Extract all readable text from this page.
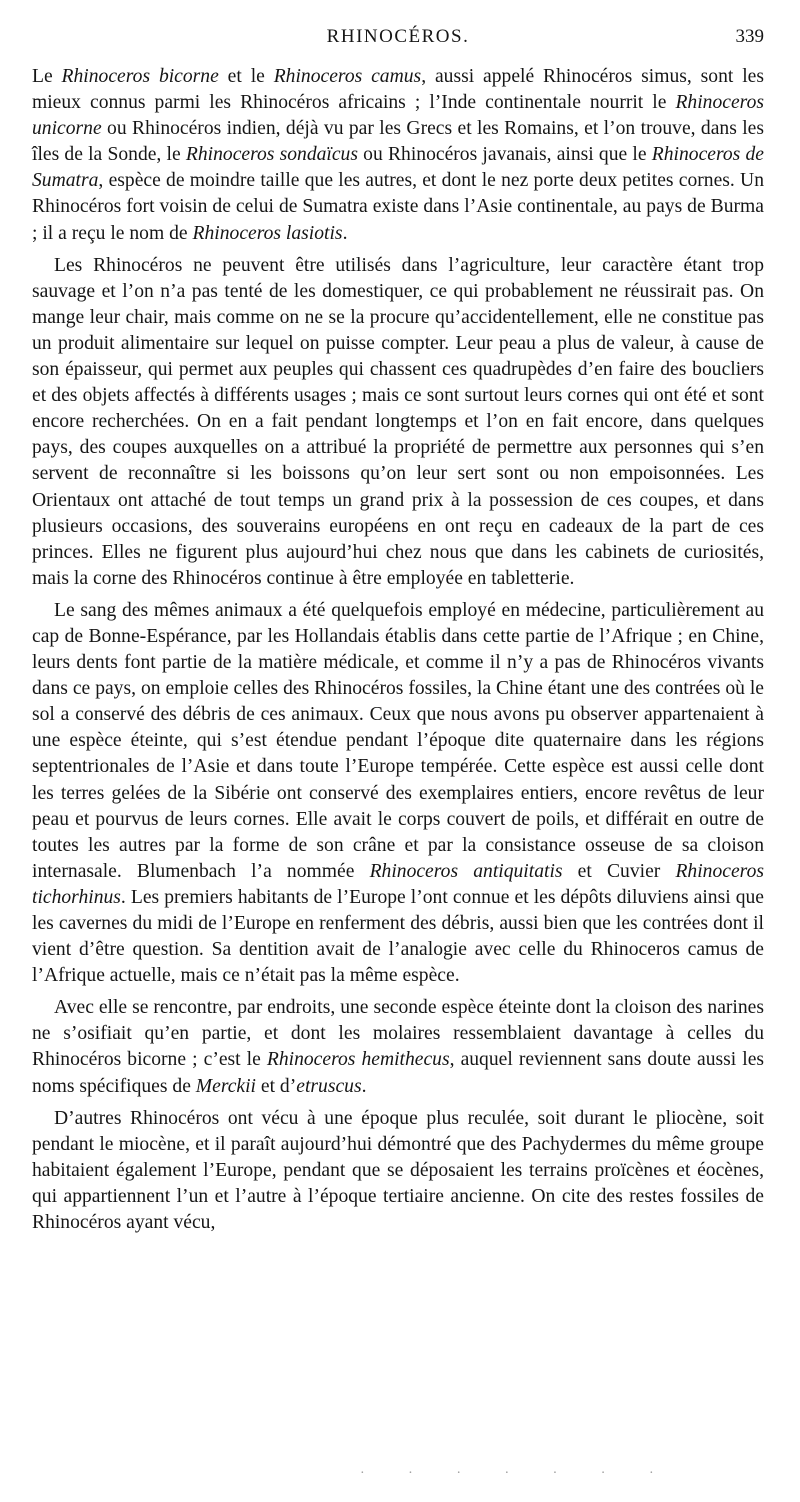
RHINOCÉROS.	339

Le Rhinoceros bicorne et le Rhinoceros camus, aussi appelé Rhinocéros simus, sont les mieux connus parmi les Rhinocéros africains ; l’Inde continentale nourrit le Rhinoceros unicorne ou Rhinocéros indien, déjà vu par les Grecs et les Romains, et l’on trouve, dans les îles de la Sonde, le Rhinoceros sondaïcus ou Rhinocéros javanais, ainsi que le Rhinoceros de Sumatra, espèce de moindre taille que les autres, et dont le nez porte deux petites cornes. Un Rhinocéros fort voisin de celui de Sumatra existe dans l’Asie continentale, au pays de Burma ; il a reçu le nom de Rhinoceros lasiotis.

Les Rhinocéros ne peuvent être utilisés dans l’agriculture, leur caractère étant trop sauvage et l’on n’a pas tenté de les domestiquer, ce qui probablement ne réussirait pas. On mange leur chair, mais comme on ne se la procure qu’accidentellement, elle ne constitue pas un produit alimentaire sur lequel on puisse compter. Leur peau a plus de valeur, à cause de son épaisseur, qui permet aux peuples qui chassent ces quadrupèdes d’en faire des boucliers et des objets affectés à différents usages ; mais ce sont surtout leurs cornes qui ont été et sont encore recherchées. On en a fait pendant longtemps et l’on en fait encore, dans quelques pays, des coupes auxquelles on a attribué la propriété de permettre aux personnes qui s’en servent de reconnaître si les boissons qu’on leur sert sont ou non empoisonnées. Les Orientaux ont attaché de tout temps un grand prix à la possession de ces coupes, et dans plusieurs occasions, des souverains européens en ont reçu en cadeaux de la part de ces princes. Elles ne figurent plus aujourd’hui chez nous que dans les cabinets de curiosités, mais la corne des Rhinocéros continue à être employée en tabletterie.

Le sang des mêmes animaux a été quelquefois employé en médecine, particulièrement au cap de Bonne-Espérance, par les Hollandais établis dans cette partie de l’Afrique ; en Chine, leurs dents font partie de la matière médicale, et comme il n’y a pas de Rhinocéros vivants dans ce pays, on emploie celles des Rhinocéros fossiles, la Chine étant une des contrées où le sol a conservé des débris de ces animaux. Ceux que nous avons pu observer appartenaient à une espèce éteinte, qui s’est étendue pendant l’époque dite quaternaire dans les régions septentrionales de l’Asie et dans toute l’Europe tempérée. Cette espèce est aussi celle dont les terres gelées de la Sibérie ont conservé des exemplaires entiers, encore revêtus de leur peau et pourvus de leurs cornes. Elle avait le corps couvert de poils, et différait en outre de toutes les autres par la forme de son crâne et par la consistance osseuse de sa cloison internasale. Blumenbach l’a nommée Rhinoceros antiquitatis et Cuvier Rhinoceros tichorhinus. Les premiers habitants de l’Europe l’ont connue et les dépôts diluviens ainsi que les cavernes du midi de l’Europe en renferment des débris, aussi bien que les contrées dont il vient d’être question. Sa dentition avait de l’analogie avec celle du Rhinoceros camus de l’Afrique actuelle, mais ce n’était pas la même espèce.

Avec elle se rencontre, par endroits, une seconde espèce éteinte dont la cloison des narines ne s’osifiait qu’en partie, et dont les molaires ressemblaient davantage à celles du Rhinocéros bicorne ; c’est le Rhinoceros hemithecus, auquel reviennent sans doute aussi les noms spécifiques de Merckii et d’etruscus.

D’autres Rhinocéros ont vécu à une époque plus reculée, soit durant le pliocène, soit pendant le miocène, et il paraît aujourd’hui démontré que des Pachydermes du même groupe habitaient également l’Europe, pendant que se déposaient les terrains proïcènes et éocènes, qui appartiennent l’un et l’autre à l’époque tertiaire ancienne. On cite des restes fossiles de Rhinocéros ayant vécu,

· · · · · · ·
